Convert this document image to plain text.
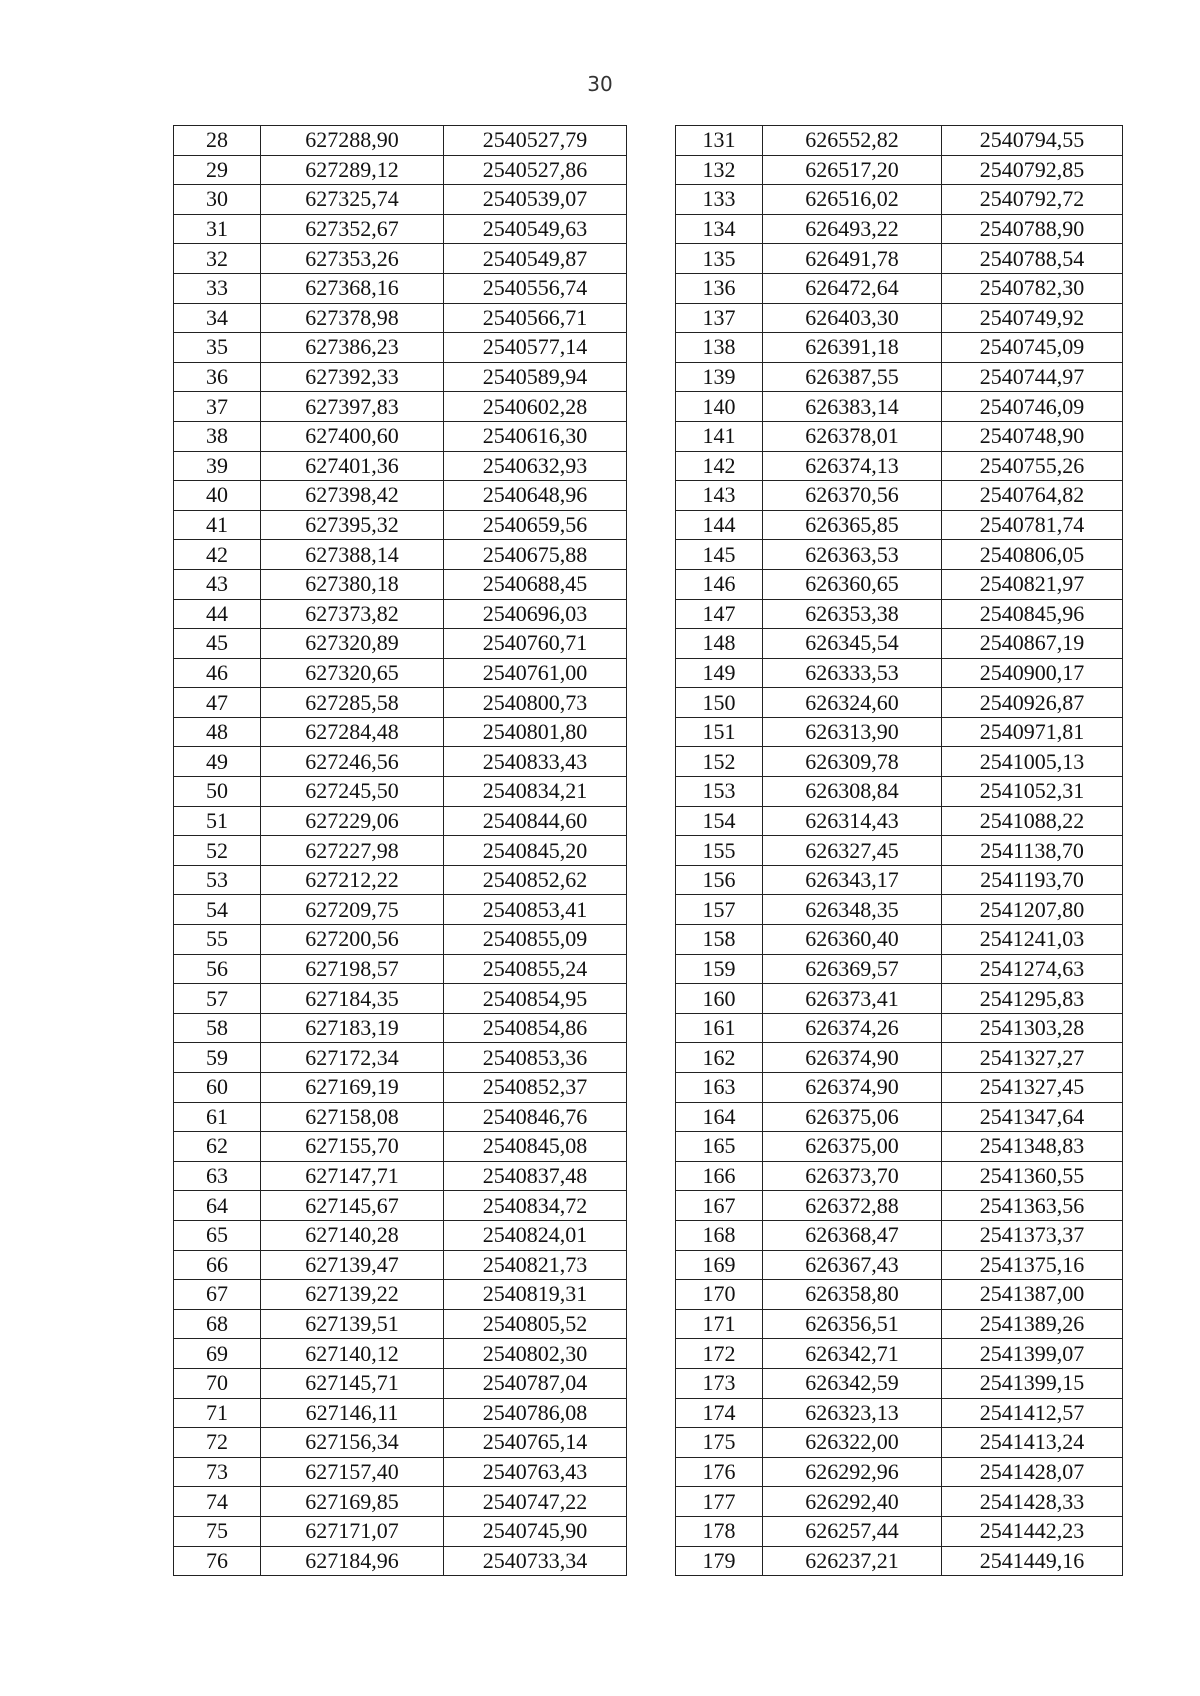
30
28	627288,90	2540527,79		131	626552,82	2540794,55
29	627289,12	2540527,86		132	626517,20	2540792,85
30	627325,74	2540539,07		133	626516,02	2540792,72
31	627352,67	2540549,63		134	626493,22	2540788,90
32	627353,26	2540549,87		135	626491,78	2540788,54
33	627368,16	2540556,74		136	626472,64	2540782,30
34	627378,98	2540566,71		137	626403,30	2540749,92
35	627386,23	2540577,14		138	626391,18	2540745,09
36	627392,33	2540589,94		139	626387,55	2540744,97
37	627397,83	2540602,28		140	626383,14	2540746,09
38	627400,60	2540616,30		141	626378,01	2540748,90
39	627401,36	2540632,93		142	626374,13	2540755,26
40	627398,42	2540648,96		143	626370,56	2540764,82
41	627395,32	2540659,56		144	626365,85	2540781,74
42	627388,14	2540675,88		145	626363,53	2540806,05
43	627380,18	2540688,45		146	626360,65	2540821,97
44	627373,82	2540696,03		147	626353,38	2540845,96
45	627320,89	2540760,71		148	626345,54	2540867,19
46	627320,65	2540761,00		149	626333,53	2540900,17
47	627285,58	2540800,73		150	626324,60	2540926,87
48	627284,48	2540801,80		151	626313,90	2540971,81
49	627246,56	2540833,43		152	626309,78	2541005,13
50	627245,50	2540834,21		153	626308,84	2541052,31
51	627229,06	2540844,60		154	626314,43	2541088,22
52	627227,98	2540845,20		155	626327,45	2541138,70
53	627212,22	2540852,62		156	626343,17	2541193,70
54	627209,75	2540853,41		157	626348,35	2541207,80
55	627200,56	2540855,09		158	626360,40	2541241,03
56	627198,57	2540855,24		159	626369,57	2541274,63
57	627184,35	2540854,95		160	626373,41	2541295,83
58	627183,19	2540854,86		161	626374,26	2541303,28
59	627172,34	2540853,36		162	626374,90	2541327,27
60	627169,19	2540852,37		163	626374,90	2541327,45
61	627158,08	2540846,76		164	626375,06	2541347,64
62	627155,70	2540845,08		165	626375,00	2541348,83
63	627147,71	2540837,48		166	626373,70	2541360,55
64	627145,67	2540834,72		167	626372,88	2541363,56
65	627140,28	2540824,01		168	626368,47	2541373,37
66	627139,47	2540821,73		169	626367,43	2541375,16
67	627139,22	2540819,31		170	626358,80	2541387,00
68	627139,51	2540805,52		171	626356,51	2541389,26
69	627140,12	2540802,30		172	626342,71	2541399,07
70	627145,71	2540787,04		173	626342,59	2541399,15
71	627146,11	2540786,08		174	626323,13	2541412,57
72	627156,34	2540765,14		175	626322,00	2541413,24
73	627157,40	2540763,43		176	626292,96	2541428,07
74	627169,85	2540747,22		177	626292,40	2541428,33
75	627171,07	2540745,90		178	626257,44	2541442,23
76	627184,96	2540733,34		179	626237,21	2541449,16
